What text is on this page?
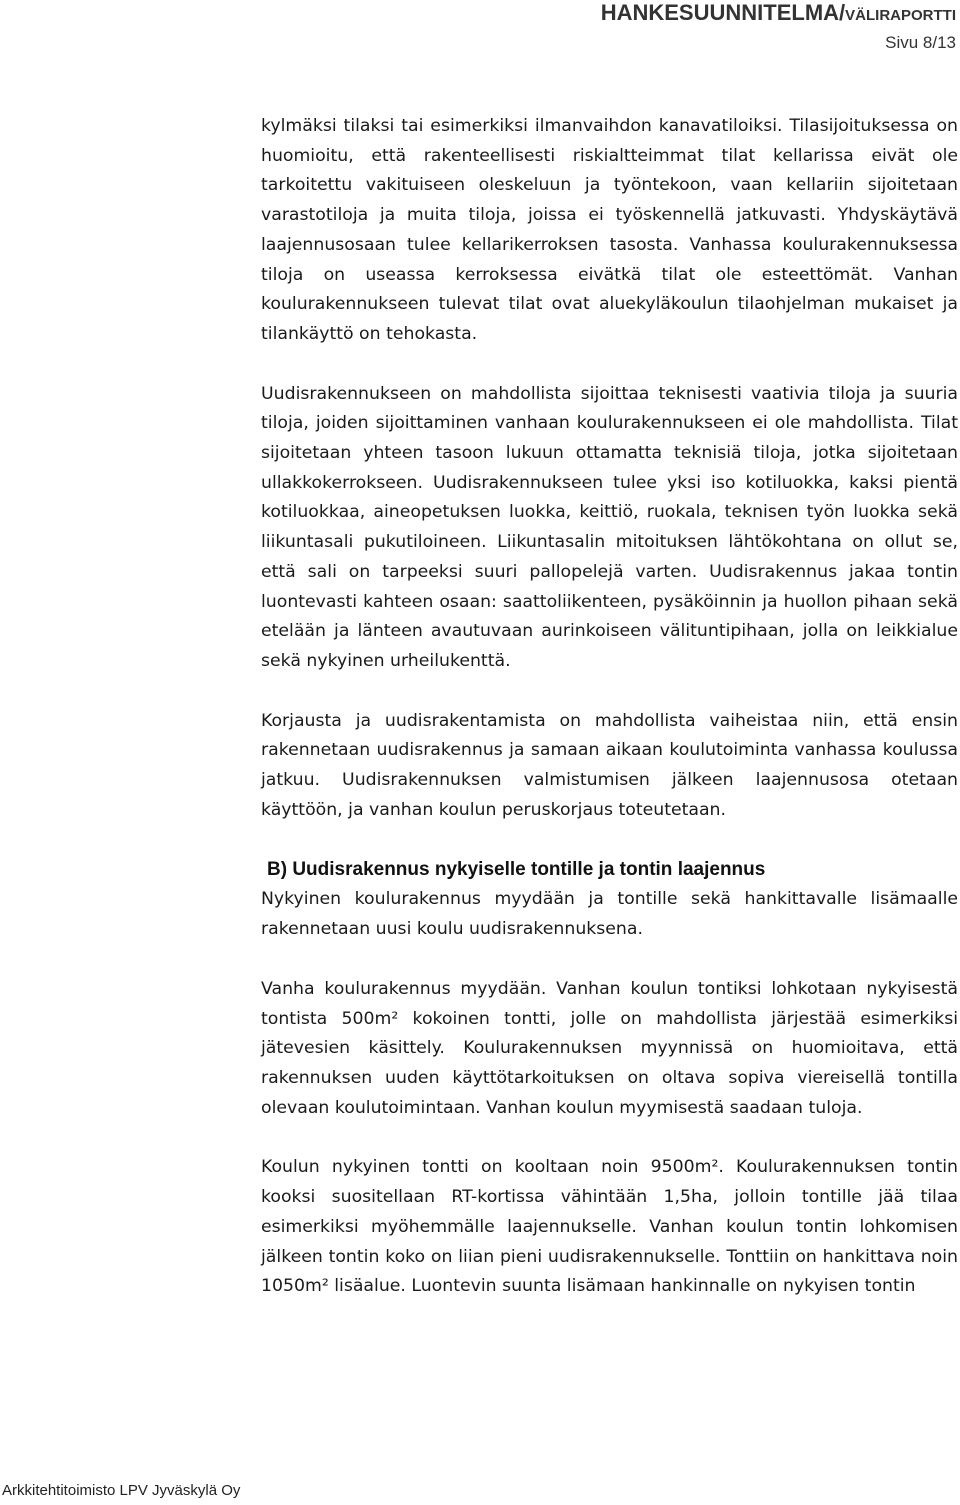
HANKESUUNNITELMA/VÄLIRAPORTTI
Sivu 8/13

kylmäksi tilaksi tai esimerkiksi ilmanvaihdon kanavatiloiksi. Tilasijoituksessa on huomioitu, että rakenteellisesti riskialtteimmat tilat kellarissa eivät ole tarkoitettu vakituiseen oleskeluun ja työntekoon, vaan kellariin sijoitetaan varastotiloja ja muita tiloja, joissa ei työskennellä jatkuvasti. Yhdyskäytävä laajennusosaan tulee kellarikerroksen tasosta. Vanhassa koulurakennuksessa tiloja on useassa kerroksessa eivätkä tilat ole esteettömät. Vanhan koulurakennukseen tulevat tilat ovat aluekyläkoulun tilaohjelman mukaiset ja tilankäyttö on tehokasta.

Uudisrakennukseen on mahdollista sijoittaa teknisesti vaativia tiloja ja suuria tiloja, joiden sijoittaminen vanhaan koulurakennukseen ei ole mahdollista. Tilat sijoitetaan yhteen tasoon lukuun ottamatta teknisiä tiloja, jotka sijoitetaan ullakkokerrokseen. Uudisrakennukseen tulee yksi iso kotiluokka, kaksi pientä kotiluokkaa, aineopetuksen luokka, keittiö, ruokala, teknisen työn luokka sekä liikuntasali pukutiloineen. Liikuntasalin mitoituksen lähtökohtana on ollut se, että sali on tarpeeksi suuri pallopelejä varten. Uudisrakennus jakaa tontin luontevasti kahteen osaan: saattoliikenteen, pysäköinnin ja huollon pihaan sekä etelään ja länteen avautuvaan aurinkoiseen välituntipihaan, jolla on leikkialue sekä nykyinen urheilukenttä.

Korjausta ja uudisrakentamista on mahdollista vaiheistaa niin, että ensin rakennetaan uudisrakennus ja samaan aikaan koulutoiminta vanhassa koulussa jatkuu. Uudisrakennuksen valmistumisen jälkeen laajennusosa otetaan käyttöön, ja vanhan koulun peruskorjaus toteutetaan.

B) Uudisrakennus nykyiselle tontille ja tontin laajennus

Nykyinen koulurakennus myydään ja tontille sekä hankittavalle lisämaalle rakennetaan uusi koulu uudisrakennuksena.

Vanha koulurakennus myydään. Vanhan koulun tontiksi lohkotaan nykyisestä tontista 500m² kokoinen tontti, jolle on mahdollista järjestää esimerkiksi jätevesien käsittely. Koulurakennuksen myynnissä on huomioitava, että rakennuksen uuden käyttötarkoituksen on oltava sopiva viereisellä tontilla olevaan koulutoimintaan. Vanhan koulun myymisestä saadaan tuloja.

Koulun nykyinen tontti on kooltaan noin 9500m². Koulurakennuksen tontin kooksi suositellaan RT-kortissa vähintään 1,5ha, jolloin tontille jää tilaa esimerkiksi myöhemmälle laajennukselle. Vanhan koulun tontin lohkomisen jälkeen tontin koko on liian pieni uudisrakennukselle. Tonttiin on hankittava noin 1050m² lisäalue. Luontevin suunta lisämaan hankinnalle on nykyisen tontin

Arkkitehtitoimisto LPV Jyväskylä Oy
